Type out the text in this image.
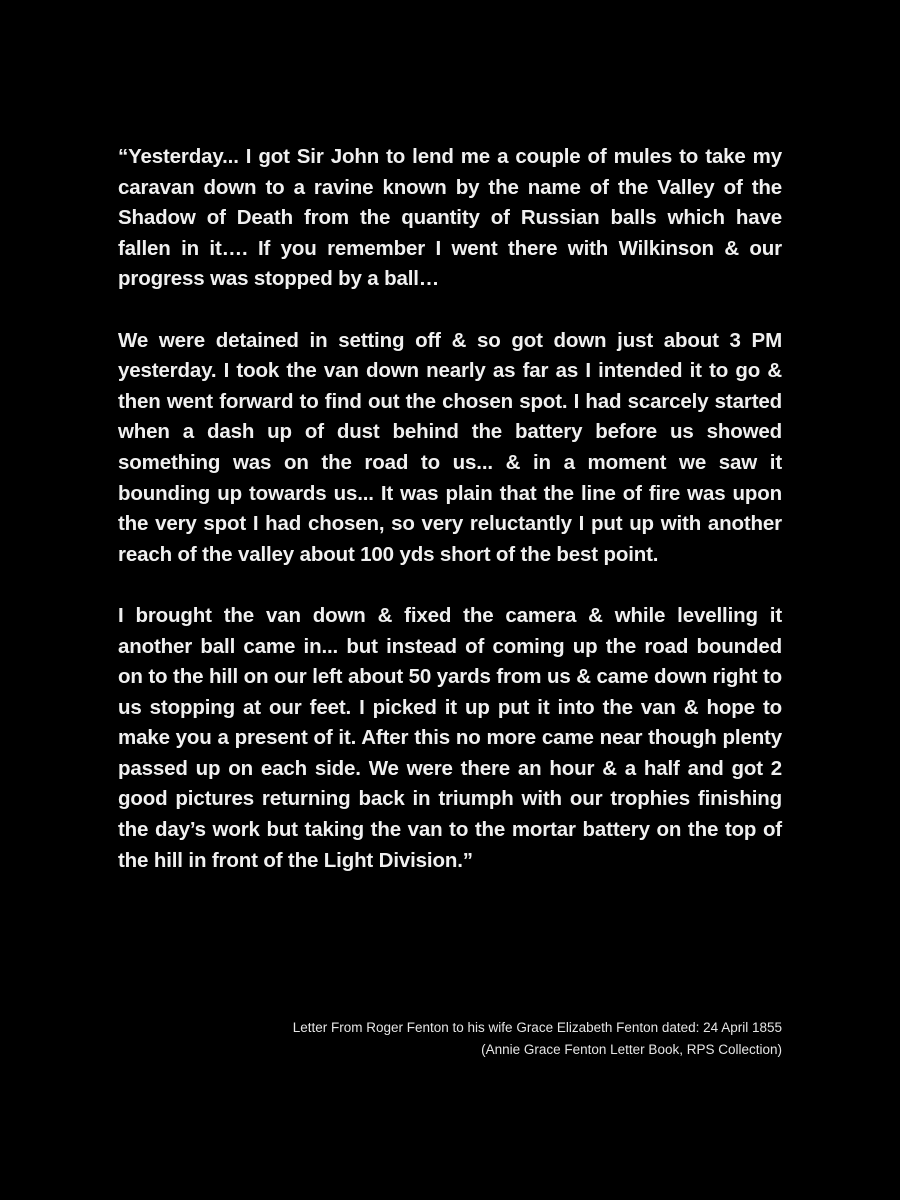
“Yesterday... I got Sir John to lend me a couple of mules to take my caravan down to a ravine known by the name of the Valley of the Shadow of Death from the quantity of Russian balls which have fallen in it…. If you remember I went there with Wilkinson & our progress was stopped by a ball…

We were detained in setting off & so got down just about 3 PM yesterday. I took the van down nearly as far as I intended it to go & then went forward to find out the chosen spot. I had scarcely started when a dash up of dust behind the battery before us showed something was on the road to us... & in a moment we saw it bounding up towards us... It was plain that the line of fire was upon the very spot I had chosen, so very reluctantly I put up with another reach of the valley about 100 yds short of the best point.

I brought the van down & fixed the camera & while levelling it another ball came in... but instead of coming up the road bounded on to the hill on our left about 50 yards from us & came down right to us stopping at our feet. I picked it up put it into the van & hope to make you a present of it. After this no more came near though plenty passed up on each side. We were there an hour & a half and got 2 good pictures returning back in triumph with our trophies finishing the day’s work but taking the van to the mortar battery on the top of the hill in front of the Light Division.”

Letter From Roger Fenton to his wife Grace Elizabeth Fenton dated: 24 April 1855
(Annie Grace Fenton Letter Book, RPS Collection)
